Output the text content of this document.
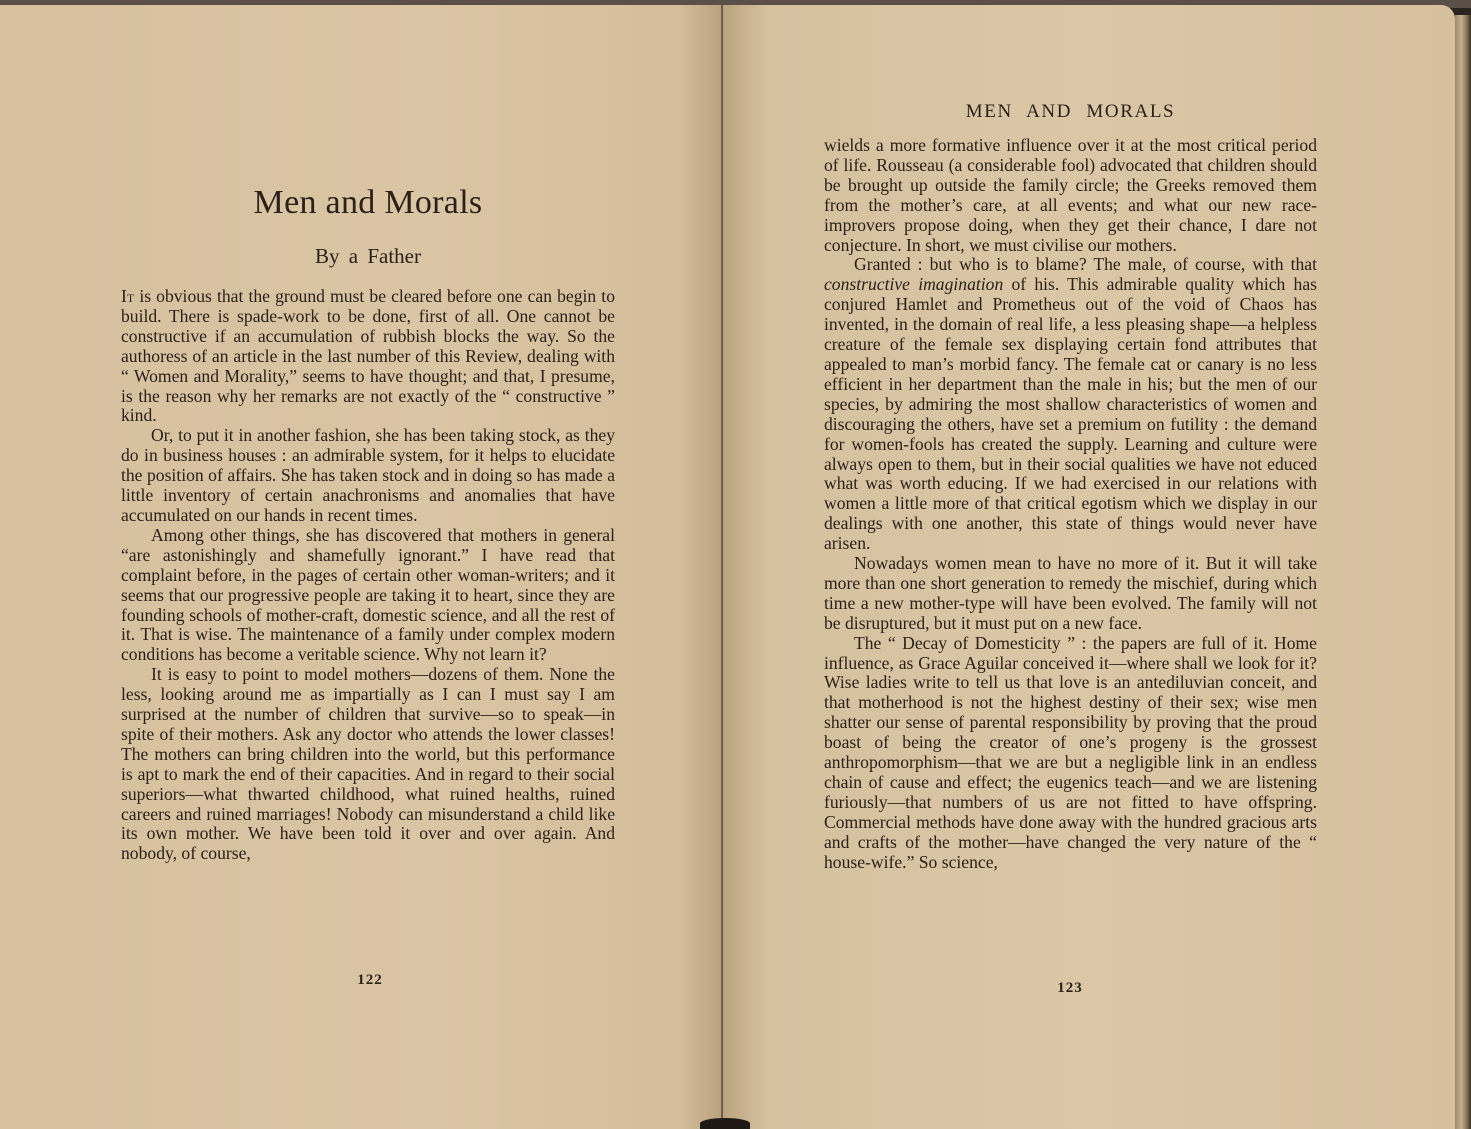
Men and Morals
By a Father

It is obvious that the ground must be cleared before one can begin to build. There is spade-work to be done, first of all. One cannot be constructive if an accumulation of rubbish blocks the way. So the authoress of an article in the last number of this Review, dealing with “ Women and Morality,” seems to have thought; and that, I presume, is the reason why her remarks are not exactly of the “ constructive ” kind.

Or, to put it in another fashion, she has been taking stock, as they do in business houses : an admirable system, for it helps to elucidate the position of affairs. She has taken stock and in doing so has made a little inventory of certain anachronisms and anomalies that have accumulated on our hands in recent times.

Among other things, she has discovered that mothers in general “are astonishingly and shamefully ignorant.” I have read that complaint before, in the pages of certain other woman-writers; and it seems that our progressive people are taking it to heart, since they are founding schools of mother-craft, domestic science, and all the rest of it. That is wise. The maintenance of a family under complex modern conditions has become a veritable science. Why not learn it?

It is easy to point to model mothers—dozens of them. None the less, looking around me as impartially as I can I must say I am surprised at the number of children that survive—so to speak—in spite of their mothers. Ask any doctor who attends the lower classes! The mothers can bring children into the world, but this performance is apt to mark the end of their capacities. And in regard to their social superiors—what thwarted childhood, what ruined healths, ruined careers and ruined marriages! Nobody can misunderstand a child like its own mother. We have been told it over and over again. And nobody, of course,

122
MEN AND MORALS

wields a more formative influence over it at the most critical period of life. Rousseau (a considerable fool) advocated that children should be brought up outside the family circle; the Greeks removed them from the mother’s care, at all events; and what our new race-improvers propose doing, when they get their chance, I dare not conjecture. In short, we must civilise our mothers.

Granted : but who is to blame? The male, of course, with that constructive imagination of his. This admirable quality which has conjured Hamlet and Prometheus out of the void of Chaos has invented, in the domain of real life, a less pleasing shape—a helpless creature of the female sex displaying certain fond attributes that appealed to man’s morbid fancy. The female cat or canary is no less efficient in her department than the male in his; but the men of our species, by admiring the most shallow characteristics of women and discouraging the others, have set a premium on futility : the demand for women-fools has created the supply. Learning and culture were always open to them, but in their social qualities we have not educed what was worth educing. If we had exercised in our relations with women a little more of that critical egotism which we display in our dealings with one another, this state of things would never have arisen.

Nowadays women mean to have no more of it. But it will take more than one short generation to remedy the mischief, during which time a new mother-type will have been evolved. The family will not be disruptured, but it must put on a new face.

The “ Decay of Domesticity ” : the papers are full of it. Home influence, as Grace Aguilar conceived it—where shall we look for it? Wise ladies write to tell us that love is an antediluvian conceit, and that motherhood is not the highest destiny of their sex; wise men shatter our sense of parental responsibility by proving that the proud boast of being the creator of one’s progeny is the grossest anthropomorphism—that we are but a negligible link in an endless chain of cause and effect; the eugenics teach—and we are listening furiously—that numbers of us are not fitted to have offspring. Commercial methods have done away with the hundred gracious arts and crafts of the mother—have changed the very nature of the “ house-wife.” So science,

123
